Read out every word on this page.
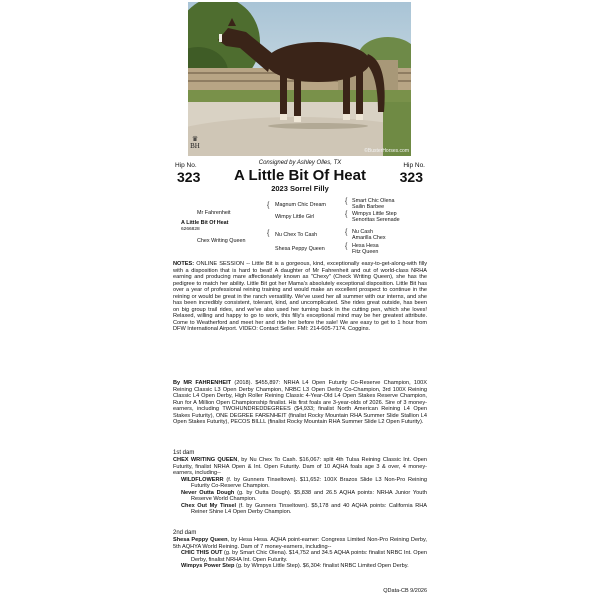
©BusterHorses.com
♛
BH
Consigned by Ashley Olles, TX
Hip No.	Hip No.
323	323
A Little Bit Of Heat
2023 Sorrel Filly
Mr Fahrenheit
A Little Bit Of Heat
6266828
Chex Writing Queen
{
{
Magnum Chic Dream
Wimpy Little Girl
Nu Chex To Cash
Shesa Peppy Queen
{
{
{
{
Smart Chic Olena
Sailin Barbee
Wimpys Little Step
Senoritas Serenade
Nu Cash
Amarilla Chex
Hesa Hesa
Fitz Queen
NOTES: ONLINE SESSION -- Little Bit is a gorgeous, kind, exceptionally easy-to-get-along-with filly with a disposition that is hard to beat! A daughter of Mr Fahrenheit and out of world-class NRHA earning and producing mare affectionately known as "Chexy" (Check Writing Queen), she has the pedigree to match her ability. Little Bit got her Mama's absolutely exceptional disposition. Little Bit has over a year of professional reining training and would make an excellent prospect to continue in the reining or would be great in the ranch versatility. We've used her all summer with our interns, and she has been incredibly consistent, tolerant, kind, and uncomplicated. She rides great outside, has been on big group trail rides, and we've also used her turning back in the cutting pen, which she loves! Relaxed, willing and happy to go to work, this filly's exceptional mind may be her greatest attribute. Come to Weatherford and meet her and ride her before the sale! We are easy to get to 1 hour from DFW International Airport. VIDEO: Contact Seller. FMI: 214-605-7174. Coggins.
By MR FAHRENHEIT (2018). $455,897: NRHA L4 Open Futurity Co-Reserve Champion, 100X Reining Classic L3 Open Derby Champion, NRBC L3 Open Derby Co-Champion, 3rd 100X Reining Classic L4 Open Derby, High Roller Reining Classic 4-Year-Old L4 Open Stakes Reserve Champion, Run for A Million Open Championship finalist. His first foals are 3-year-olds of 2026. Sire of 3 money-earners, including TWOHUNDREDDEGREES ($4,933; finalist North American Reining L4 Open Stakes Futurity), ONE DEGREE FARENHEIT (finalist Rocky Mountain RHA Summer Slide Stallion L4 Open Stakes Futurity), PECOS BILLL (finalist Rocky Mountain RHA Summer Slide L2 Open Futurity).
1st dam
CHEX WRITING QUEEN, by Nu Chex To Cash. $16,067: split 4th Tulsa Reining Classic Int. Open Futurity, finalist NRHA Open & Int. Open Futurity. Dam of 10 AQHA foals age 3 & over, 4 money-earners, including--
WILDFLOWERR (f. by Gunners Tinseltown). $11,652: 100X Brazos Slide L3 Non-Pro Reining Futurity Co-Reserve Champion.
Never Outta Dough (g. by Outta Dough). $5,838 and 26.5 AQHA points: NRHA Junior Youth Reserve World Champion.
Chex Out My Tinsel (f. by Gunners Tinseltown). $5,178 and 40 AQHA points: California RHA Reiner Shine L4 Open Derby Champion.
2nd dam
Shesa Peppy Queen, by Hesa Hesa. AQHA point-earner: Congress Limited Non-Pro Reining Derby, 5th AQHYA World Reining. Dam of 7 money-earners, including--
CHIC THIS OUT (g. by Smart Chic Olena). $14,752 and 34.5 AQHA points: finalist NRBC Int. Open Derby, finalist NRHA Int. Open Futurity.
Wimpys Power Step (g. by Wimpys Little Step). $6,304: finalist NRBC Limited Open Derby.
QData-CB 9/2026
